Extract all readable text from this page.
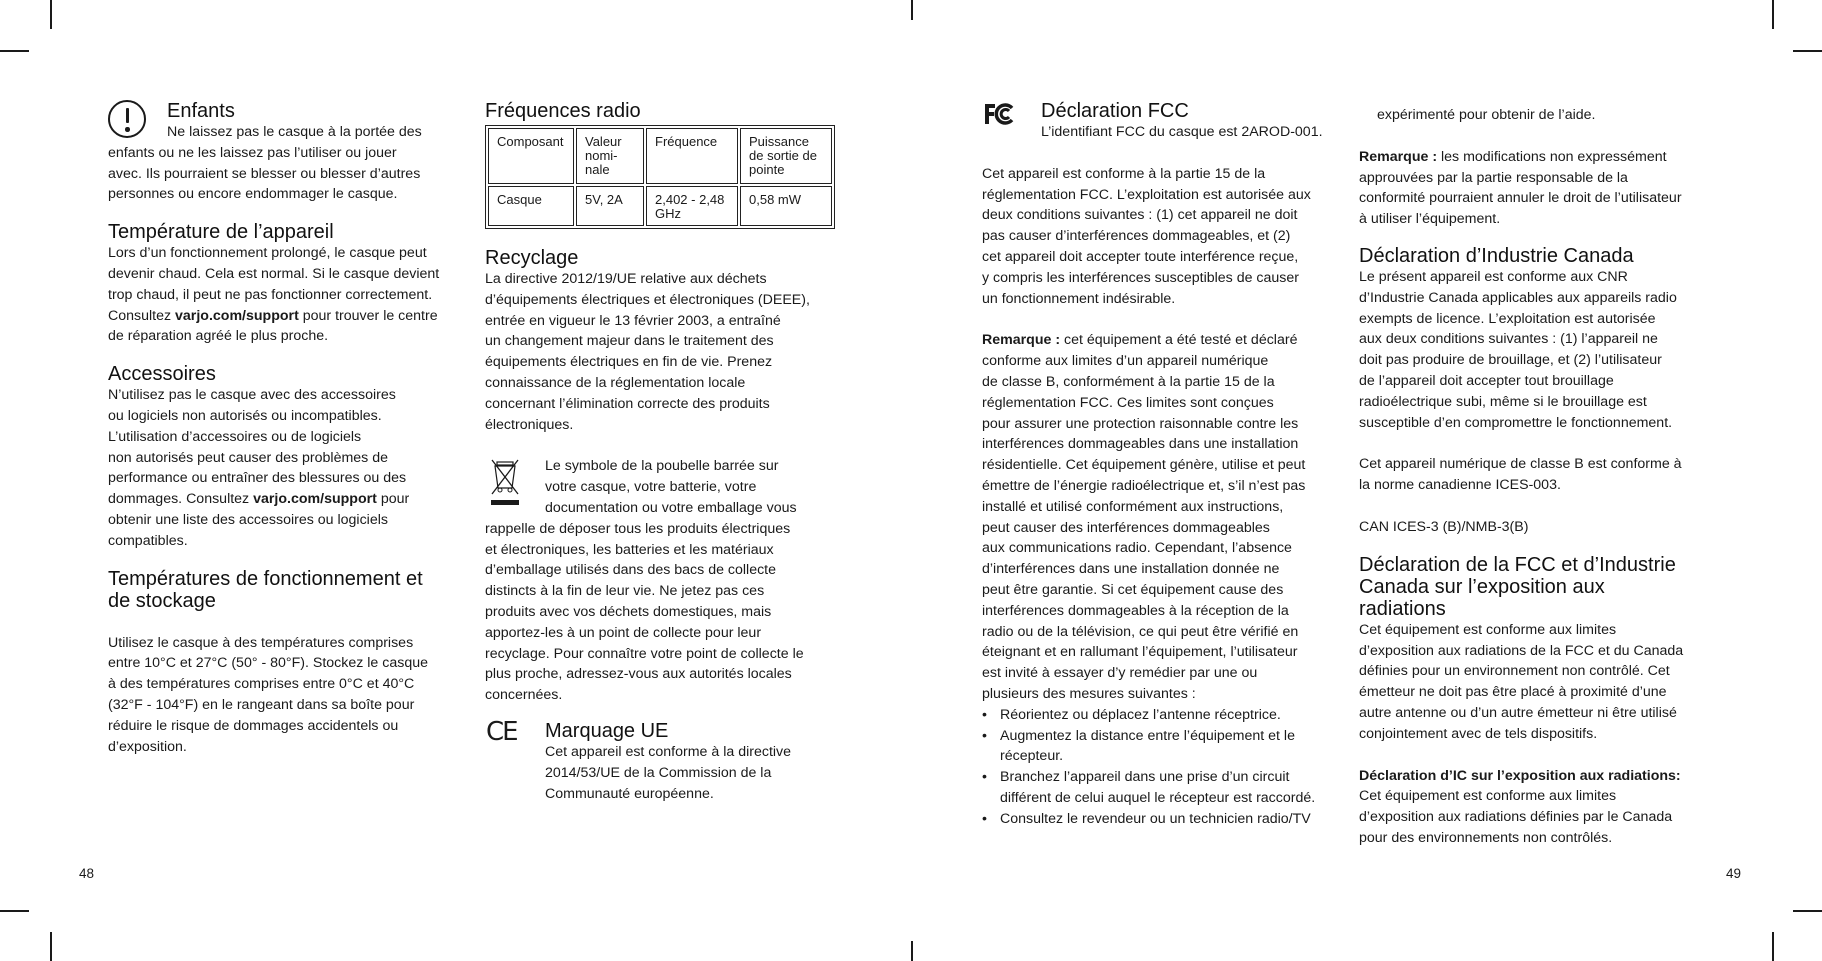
48	49
Enfants

Ne laissez pas le casque à la portée des

enfants ou ne les laissez pas l’utiliser ou jouer

avec. Ils pourraient se blesser ou blesser d’autres

personnes ou encore endommager le casque.

Température de l’appareil

Lors d’un fonctionnement prolongé, le casque peut

devenir chaud. Cela est normal. Si le casque devient

trop chaud, il peut ne pas fonctionner correctement.

Consultez varjo.com/support pour trouver le centre

de réparation agréé le plus proche.

Accessoires

N’utilisez pas le casque avec des accessoires

ou logiciels non autorisés ou incompatibles.

L’utilisation d’accessoires ou de logiciels

non autorisés peut causer des problèmes de

performance ou entraîner des blessures ou des

dommages. Consultez varjo.com/support pour

obtenir une liste des accessoires ou logiciels

compatibles.

Températures de fonctionnement et
de stockage

Utilisez le casque à des températures comprises

entre 10°C et 27°C (50° - 80°F). Stockez le casque

à des températures comprises entre 0°C et 40°C

(32°F - 104°F) en le rangeant dans sa boîte pour

réduire le risque de dommages accidentels ou

d’exposition.

Fréquences radio
Composant	Valeur nomi-nale	Fréquence	Puissance de sortie de pointe
Casque	5V, 2A	2,402 - 2,48 GHz	0,58 mW
Recyclage

La directive 2012/19/UE relative aux déchets

d’équipements électriques et électroniques (DEEE),

entrée en vigueur le 13 février 2003, a entraîné

un changement majeur dans le traitement des

équipements électriques en fin de vie. Prenez

connaissance de la réglementation locale

concernant l’élimination correcte des produits

électroniques.

Le symbole de la poubelle barrée sur

votre casque, votre batterie, votre

documentation ou votre emballage vous

rappelle de déposer tous les produits électriques

et électroniques, les batteries et les matériaux

d’emballage utilisés dans des bacs de collecte

distincts à la fin de leur vie. Ne jetez pas ces

produits avec vos déchets domestiques, mais

apportez-les à un point de collecte pour leur

recyclage. Pour connaître votre point de collecte le

plus proche, adressez-vous aux autorités locales

concernées.

C​E Marquage UE

Cet appareil est conforme à la directive

2014/53/UE de la Commission de la

Communauté européenne.

Déclaration FCC

L’identifiant FCC du casque est 2AROD-001.

Cet appareil est conforme à la partie 15 de la

réglementation FCC. L’exploitation est autorisée aux

deux conditions suivantes : (1) cet appareil ne doit

pas causer d’interférences dommageables, et (2)

cet appareil doit accepter toute interférence reçue,

y compris les interférences susceptibles de causer

un fonctionnement indésirable.

Remarque : cet équipement a été testé et déclaré

conforme aux limites d’un appareil numérique

de classe B, conformément à la partie 15 de la

réglementation FCC. Ces limites sont conçues

pour assurer une protection raisonnable contre les

interférences dommageables dans une installation

résidentielle. Cet équipement génère, utilise et peut

émettre de l’énergie radioélectrique et, s’il n’est pas

installé et utilisé conformément aux instructions,

peut causer des interférences dommageables

aux communications radio. Cependant, l’absence

d’interférences dans une installation donnée ne

peut être garantie. Si cet équipement cause des

interférences dommageables à la réception de la

radio ou de la télévision, ce qui peut être vérifié en

éteignant et en rallumant l’équipement, l’utilisateur

est invité à essayer d’y remédier par une ou

plusieurs des mesures suivantes :

• Réorientez ou déplacez l’antenne réceptrice.
• Augmentez la distance entre l’équipement et le récepteur.
• Branchez l’appareil dans une prise d’un circuit différent de celui auquel le récepteur est raccordé.
• Consultez le revendeur ou un technicien radio/TV

expérimenté pour obtenir de l’aide.

Remarque : les modifications non expressément

approuvées par la partie responsable de la

conformité pourraient annuler le droit de l’utilisateur

à utiliser l’équipement.

Déclaration d’Industrie Canada

Le présent appareil est conforme aux CNR

d’Industrie Canada applicables aux appareils radio

exempts de licence. L’exploitation est autorisée

aux deux conditions suivantes : (1) l’appareil ne

doit pas produire de brouillage, et (2) l’utilisateur

de l’appareil doit accepter tout brouillage

radioélectrique subi, même si le brouillage est

susceptible d’en compromettre le fonctionnement.

Cet appareil numérique de classe B est conforme à

la norme canadienne ICES-003.

CAN ICES-3 (B)/NMB-3(B)

Déclaration de la FCC et d’Industrie
Canada sur l’exposition aux
radiations

Cet équipement est conforme aux limites

d’exposition aux radiations de la FCC et du Canada

définies pour un environnement non contrôlé. Cet

émetteur ne doit pas être placé à proximité d’une

autre antenne ou d’un autre émetteur ni être utilisé

conjointement avec de tels dispositifs.

Déclaration d’IC sur l’exposition aux radiations:

Cet équipement est conforme aux limites

d’exposition aux radiations définies par le Canada

pour des environnements non contrôlés.
